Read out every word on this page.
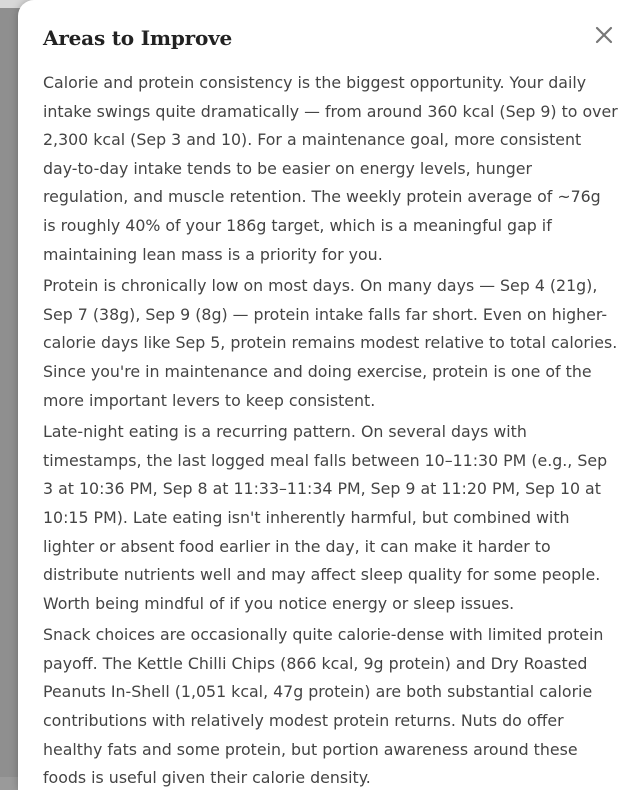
Areas to Improve

Calorie and protein consistency is the biggest opportunity. Your daily intake swings quite dramatically — from around 360 kcal (Sep 9) to over 2,300 kcal (Sep 3 and 10). For a maintenance goal, more consistent day-to-day intake tends to be easier on energy levels, hunger regulation, and muscle retention. The weekly protein average of ~76g is roughly 40% of your 186g target, which is a meaningful gap if maintaining lean mass is a priority for you.

Protein is chronically low on most days. On many days — Sep 4 (21g), Sep 7 (38g), Sep 9 (8g) — protein intake falls far short. Even on higher-calorie days like Sep 5, protein remains modest relative to total calories. Since you're in maintenance and doing exercise, protein is one of the more important levers to keep consistent.

Late-night eating is a recurring pattern. On several days with timestamps, the last logged meal falls between 10–11:30 PM (e.g., Sep 3 at 10:36 PM, Sep 8 at 11:33–11:34 PM, Sep 9 at 11:20 PM, Sep 10 at 10:15 PM). Late eating isn't inherently harmful, but combined with lighter or absent food earlier in the day, it can make it harder to distribute nutrients well and may affect sleep quality for some people. Worth being mindful of if you notice energy or sleep issues.

Snack choices are occasionally quite calorie-dense with limited protein payoff. The Kettle Chilli Chips (866 kcal, 9g protein) and Dry Roasted Peanuts In-Shell (1,051 kcal, 47g protein) are both substantial calorie contributions with relatively modest protein returns. Nuts do offer healthy fats and some protein, but portion awareness around these foods is useful given their calorie density.
